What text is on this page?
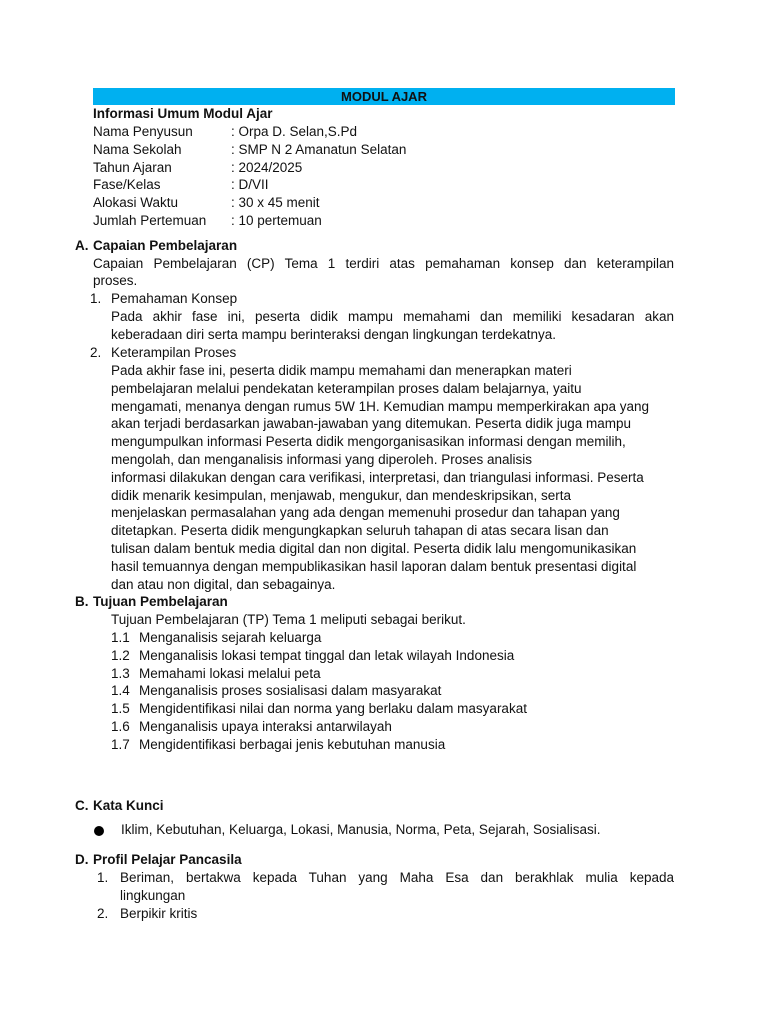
MODUL AJAR
Informasi Umum Modul Ajar
Nama Penyusun	: Orpa D. Selan,S.Pd
Nama Sekolah	: SMP N 2 Amanatun Selatan
Tahun Ajaran	: 2024/2025
Fase/Kelas	: D/VII
Alokasi Waktu	: 30 x 45 menit
Jumlah Pertemuan : 10 pertemuan
A. Capaian Pembelajaran
Capaian Pembelajaran (CP) Tema 1 terdiri atas pemahaman konsep dan keterampilan
proses.
1. Pemahaman Konsep
Pada akhir fase ini, peserta didik mampu memahami dan memiliki kesadaran akan
keberadaan diri serta mampu berinteraksi dengan lingkungan terdekatnya.
2. Keterampilan Proses
Pada akhir fase ini, peserta didik mampu memahami dan menerapkan materi
pembelajaran melalui pendekatan keterampilan proses dalam belajarnya, yaitu
mengamati, menanya dengan rumus 5W 1H. Kemudian mampu memperkirakan apa yang
akan terjadi berdasarkan jawaban-jawaban yang ditemukan. Peserta didik juga mampu
mengumpulkan informasi Peserta didik mengorganisasikan informasi dengan memilih,
mengolah, dan menganalisis informasi yang diperoleh. Proses analisis
informasi dilakukan dengan cara verifikasi, interpretasi, dan triangulasi informasi. Peserta
didik menarik kesimpulan, menjawab, mengukur, dan mendeskripsikan, serta
menjelaskan permasalahan yang ada dengan memenuhi prosedur dan tahapan yang
ditetapkan. Peserta didik mengungkapkan seluruh tahapan di atas secara lisan dan
tulisan dalam bentuk media digital dan non digital. Peserta didik lalu mengomunikasikan
hasil temuannya dengan mempublikasikan hasil laporan dalam bentuk presentasi digital
dan atau non digital, dan sebagainya.
B. Tujuan Pembelajaran
Tujuan Pembelajaran (TP) Tema 1 meliputi sebagai berikut.
1.1 Menganalisis sejarah keluarga
1.2 Menganalisis lokasi tempat tinggal dan letak wilayah Indonesia
1.3 Memahami lokasi melalui peta
1.4 Menganalisis proses sosialisasi dalam masyarakat
1.5 Mengidentifikasi nilai dan norma yang berlaku dalam masyarakat
1.6 Menganalisis upaya interaksi antarwilayah
1.7 Mengidentifikasi berbagai jenis kebutuhan manusia
C. Kata Kunci
Iklim, Kebutuhan, Keluarga, Lokasi, Manusia, Norma, Peta, Sejarah, Sosialisasi.
D. Profil Pelajar Pancasila
1. Beriman, bertakwa kepada Tuhan yang Maha Esa dan berakhlak mulia kepada
lingkungan
2. Berpikir kritis
